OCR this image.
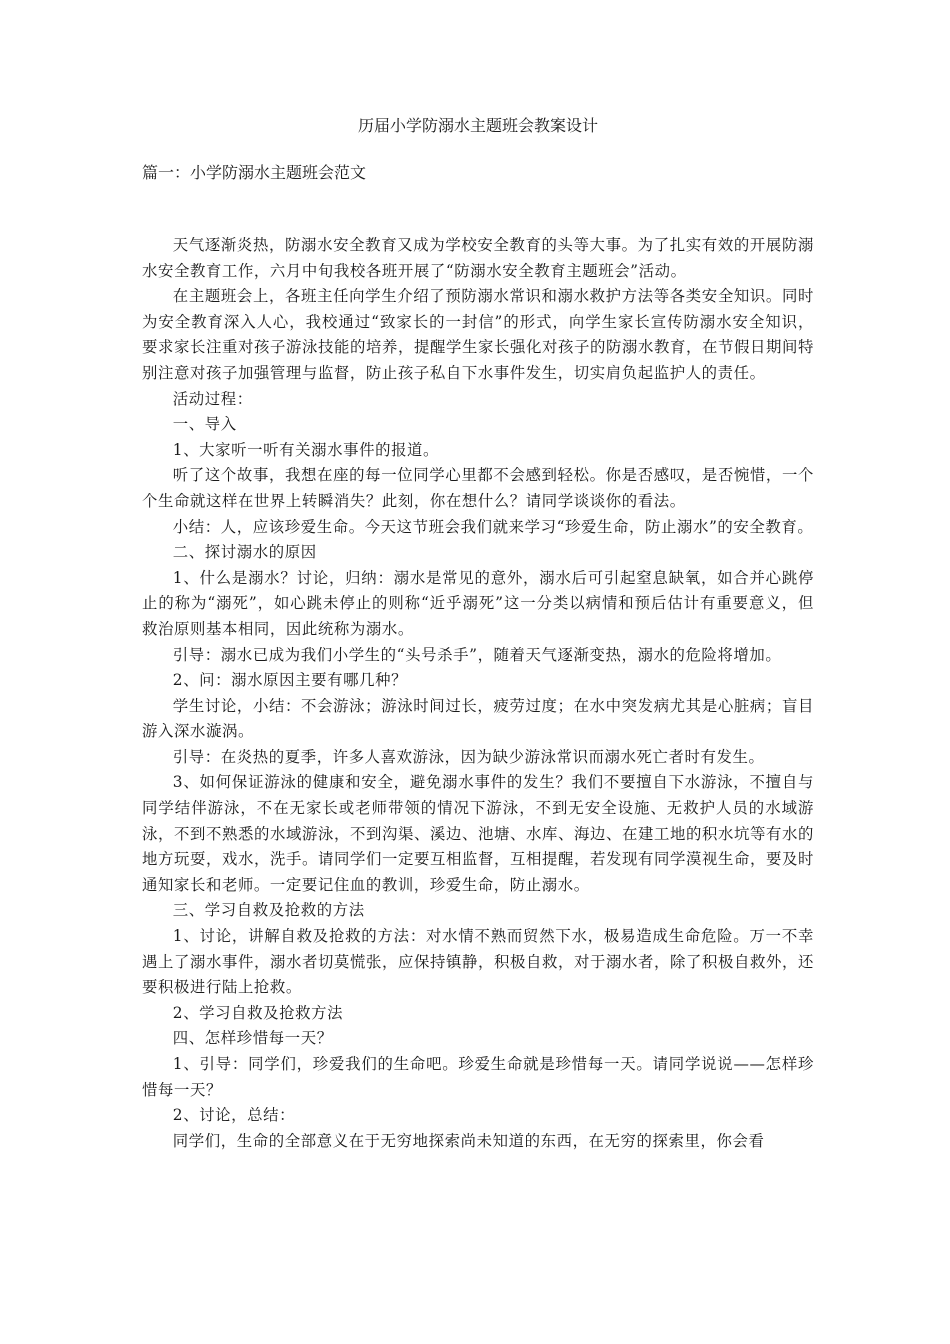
历届小学防溺水主题班会教案设计
篇一：小学防溺水主题班会范文

天气逐渐炎热，防溺水安全教育又成为学校安全教育的头等大事。为了扎实有效的开展防溺水安全教育工作，六月中旬我校各班开展了“防溺水安全教育主题班会”活动。

在主题班会上，各班主任向学生介绍了预防溺水常识和溺水救护方法等各类安全知识。同时为安全教育深入人心，我校通过“致家长的一封信”的形式，向学生家长宣传防溺水安全知识，要求家长注重对孩子游泳技能的培养，提醒学生家长强化对孩子的防溺水教育，在节假日期间特别注意对孩子加强管理与监督，防止孩子私自下水事件发生，切实肩负起监护人的责任。

活动过程：

一、导入

1、大家听一听有关溺水事件的报道。

听了这个故事，我想在座的每一位同学心里都不会感到轻松。你是否感叹，是否惋惜，一个个生命就这样在世界上转瞬消失？此刻，你在想什么？请同学谈谈你的看法。

小结：人，应该珍爱生命。今天这节班会我们就来学习“珍爱生命，防止溺水”的安全教育。

二、探讨溺水的原因

1、什么是溺水？讨论，归纳：溺水是常见的意外，溺水后可引起窒息缺氧，如合并心跳停止的称为“溺死”，如心跳未停止的则称“近乎溺死”这一分类以病情和预后估计有重要意义，但救治原则基本相同，因此统称为溺水。

引导：溺水已成为我们小学生的“头号杀手”，随着天气逐渐变热，溺水的危险将增加。

2、问：溺水原因主要有哪几种？

学生讨论，小结：不会游泳；游泳时间过长，疲劳过度；在水中突发病尤其是心脏病；盲目游入深水漩涡。

引导：在炎热的夏季，许多人喜欢游泳，因为缺少游泳常识而溺水死亡者时有发生。

3、如何保证游泳的健康和安全，避免溺水事件的发生？我们不要擅自下水游泳，不擅自与同学结伴游泳，不在无家长或老师带领的情况下游泳，不到无安全设施、无救护人员的水域游泳，不到不熟悉的水域游泳，不到沟渠、溪边、池塘、水库、海边、在建工地的积水坑等有水的地方玩耍，戏水，洗手。请同学们一定要互相监督，互相提醒，若发现有同学漠视生命，要及时通知家长和老师。一定要记住血的教训，珍爱生命，防止溺水。

三、学习自救及抢救的方法

1、讨论，讲解自救及抢救的方法：对水情不熟而贸然下水，极易造成生命危险。万一不幸遇上了溺水事件，溺水者切莫慌张，应保持镇静，积极自救，对于溺水者，除了积极自救外，还要积极进行陆上抢救。

2、学习自救及抢救方法

四、怎样珍惜每一天？

1、引导：同学们，珍爱我们的生命吧。珍爱生命就是珍惜每一天。请同学说说——怎样珍惜每一天？

2、讨论，总结：

同学们，生命的全部意义在于无穷地探索尚未知道的东西，在无穷的探索里，你会看
